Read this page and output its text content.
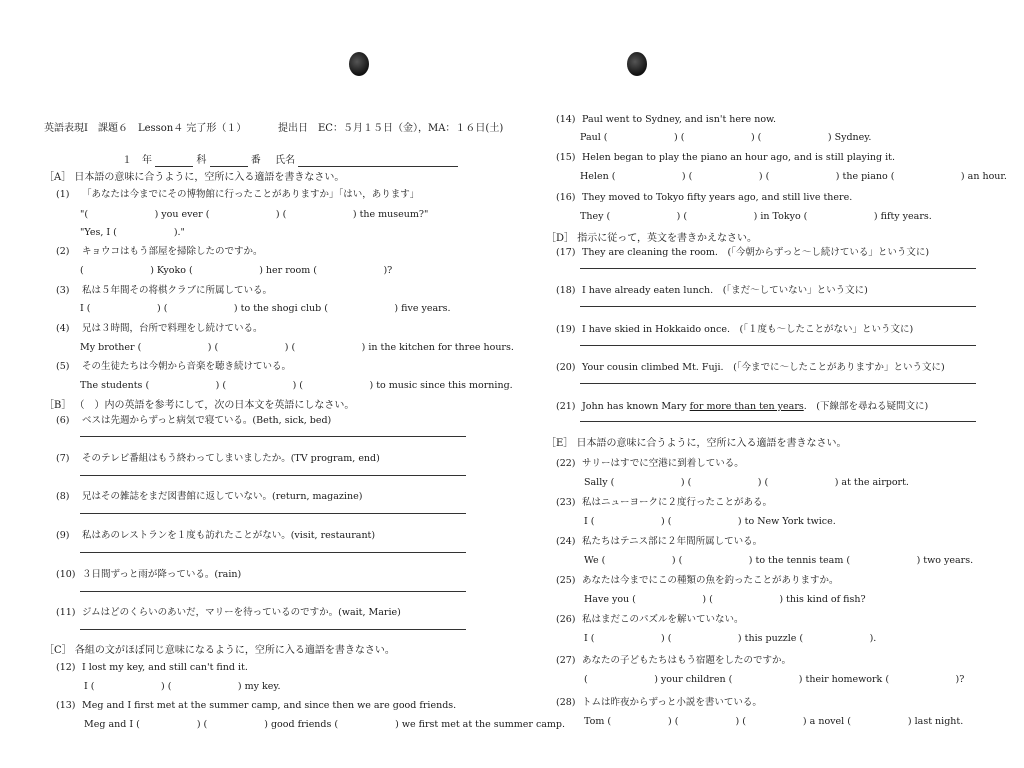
英語表現Ⅰ　課題６　Lesson４ 完了形（１）	提出日　EC：５月１５日（金），MA：１６日(土)
１　年	科	番 氏名
［A］ 日本語の意味に合うように，空所に入る適語を書きなさい。
(1) 「あなたは今までにその博物館に行ったことがありますか」「はい，あります」
"(　　　　　　　) you ever (　　　　　　　) (　　　　　　　) the museum?"
"Yes, I (　　　　　　)."
(2) キョウコはもう部屋を掃除したのですか。
(　　　　　　　) Kyoko (　　　　　　　) her room (　　　　　　　)?
(3) 私は５年間その将棋クラブに所属している。
I (　　　　　　　) (　　　　　　　) to the shogi club (　　　　　　　) five years.
(4) 兄は３時間，台所で料理をし続けている。
My brother (　　　　　　　) (　　　　　　　) (　　　　　　　) in the kitchen for three hours.
(5) その生徒たちは今朝から音楽を聴き続けている。
The students (　　　　　　　) (　　　　　　　) (　　　　　　　) to music since this morning.
［B］ （　）内の英語を参考にして，次の日本文を英語にしなさい。
(6) ベスは先週からずっと病気で寝ている。(Beth, sick, bed)
(7) そのテレビ番組はもう終わってしまいましたか。(TV program, end)
(8) 兄はその雑誌をまだ図書館に返していない。(return, magazine)
(9) 私はあのレストランを１度も訪れたことがない。(visit, restaurant)
(10) ３日間ずっと雨が降っている。(rain)
(11) ジムはどのくらいのあいだ，マリーを待っているのですか。(wait, Marie)
［C］ 各組の文がほぼ同じ意味になるように，空所に入る適語を書きなさい。
(12) I lost my key, and still can't find it.
I (　　　　　　　) (　　　　　　　) my key.
(13) Meg and I first met at the summer camp, and since then we are good friends.
Meg and I (　　　　　　) (　　　　　　) good friends (　　　　　　) we first met at the summer camp.
(14) Paul went to Sydney, and isn't here now.
Paul (　　　　　　　) (　　　　　　　) (　　　　　　　) Sydney.
(15) Helen began to play the piano an hour ago, and is still playing it.
Helen (　　　　　　　) (　　　　　　　) (　　　　　　　) the piano (　　　　　　　) an hour.
(16) They moved to Tokyo fifty years ago, and still live there.
They (　　　　　　　) (　　　　　　　) in Tokyo (　　　　　　　) fifty years.
［D］ 指示に従って，英文を書きかえなさい。
(17) They are cleaning the room.　 (「今朝からずっと～し続けている」という文に)
(18) I have already eaten lunch.　 (「まだ～していない」という文に)
(19) I have skied in Hokkaido once.　 (「１度も～したことがない」という文に)
(20) Your cousin climbed Mt. Fuji.　 (「今までに～したことがありますか」という文に)
(21) John has known Mary for more than ten years.　 (下線部を尋ねる疑問文に)
［E］ 日本語の意味に合うように，空所に入る適語を書きなさい。
(22) サリーはすでに空港に到着している。
Sally (　　　　　　　) (　　　　　　　) (　　　　　　　) at the airport.
(23) 私はニューヨークに２度行ったことがある。
I (　　　　　　　) (　　　　　　　) to New York twice.
(24) 私たちはテニス部に２年間所属している。
We (　　　　　　　) (　　　　　　　) to the tennis team (　　　　　　　) two years.
(25) あなたは今までにこの種類の魚を釣ったことがありますか。
Have you (　　　　　　　) (　　　　　　　) this kind of fish?
(26) 私はまだこのパズルを解いていない。
I (　　　　　　　) (　　　　　　　) this puzzle (　　　　　　　).
(27) あなたの子どもたちはもう宿題をしたのですか。
(　　　　　　　) your children (　　　　　　　) their homework (　　　　　　　)?
(28) トムは昨夜からずっと小説を書いている。
Tom (　　　　　　) (　　　　　　) (　　　　　　) a novel (　　　　　　) last night.
